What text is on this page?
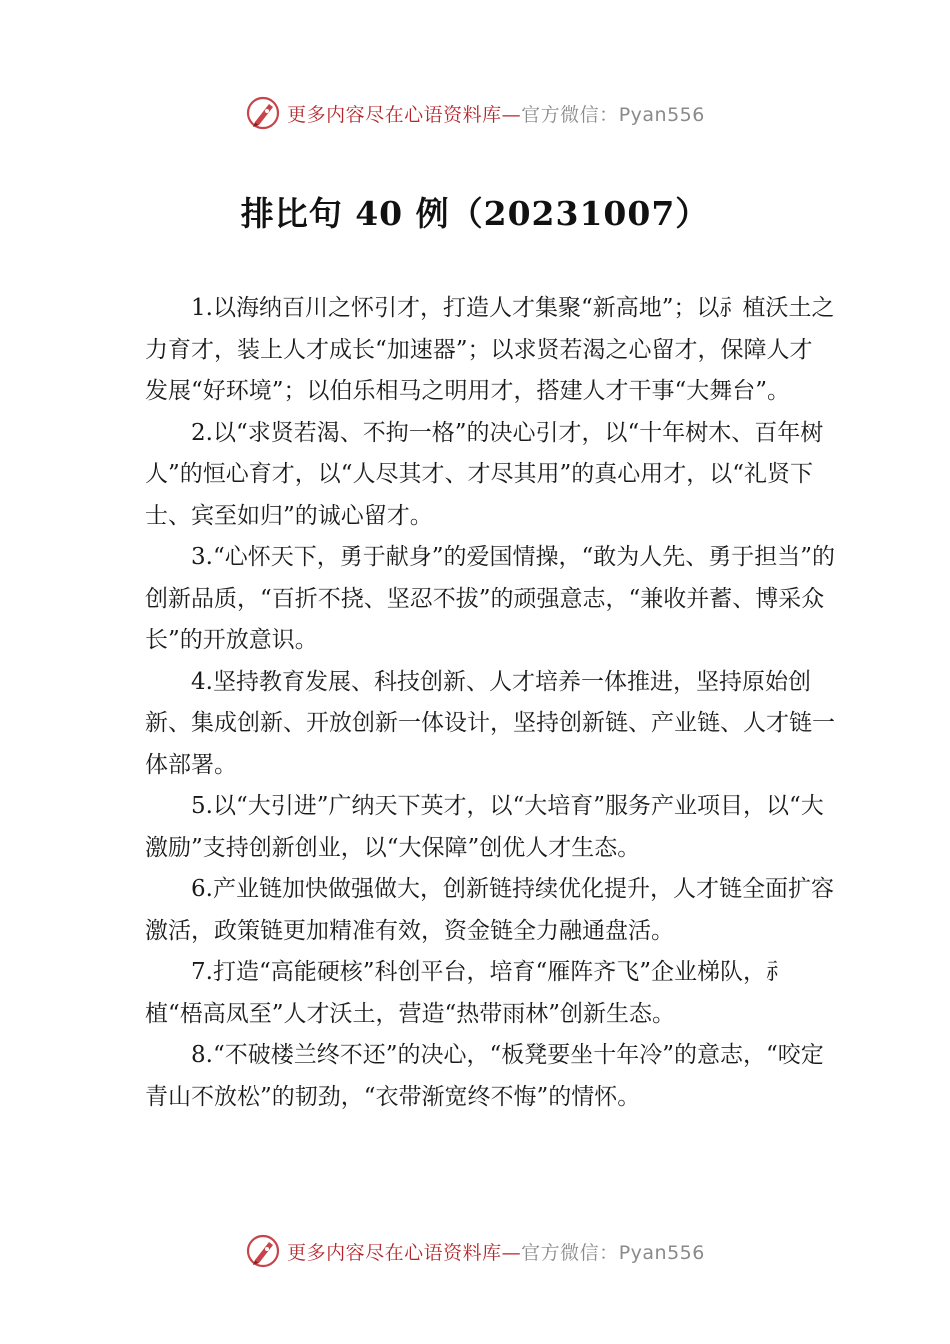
更多内容尽在心语资料库—官方微信：Pyan556
排比句 40 例（20231007）

1.以海纳百川之怀引才，打造人才集聚“新高地”；以⺬植沃土之力育才，装上人才成长“加速器”；以求贤若渴之心留才，保障人才发展“好环境”；以伯乐相马之明用才，搭建人才干事“大舞台”。

2.以“求贤若渴、不拘一格”的决心引才，以“十年树木、百年树人”的恒心育才，以“人尽其才、才尽其用”的真心用才，以“礼贤下士、宾至如归”的诚心留才。

3.“心怀天下，勇于献身”的爱国情操，“敢为人先、勇于担当”的创新品质，“百折不挠、坚忍不拔”的顽强意志，“兼收并蓄、博采众长”的开放意识。

4.坚持教育发展、科技创新、人才培养一体推进，坚持原始创新、集成创新、开放创新一体设计，坚持创新链、产业链、人才链一体部署。

5.以“大引进”广纳天下英才，以“大培育”服务产业项目，以“大激励”支持创新创业，以“大保障”创优人才生态。

6.产业链加快做强做大，创新链持续优化提升，人才链全面扩容激活，政策链更加精准有效，资金链全力融通盘活。

7.打造“高能硬核”科创平台，培育“雁阵齐飞”企业梯队，⺬植“梧高凤至”人才沃土，营造“热带雨林”创新生态。

8.“不破楼兰终不还”的决心，“板凳要坐十年冷”的意志，“咬定青山不放松”的韧劲，“衣带渐宽终不悔”的情怀。

更多内容尽在心语资料库—官方微信：Pyan556
